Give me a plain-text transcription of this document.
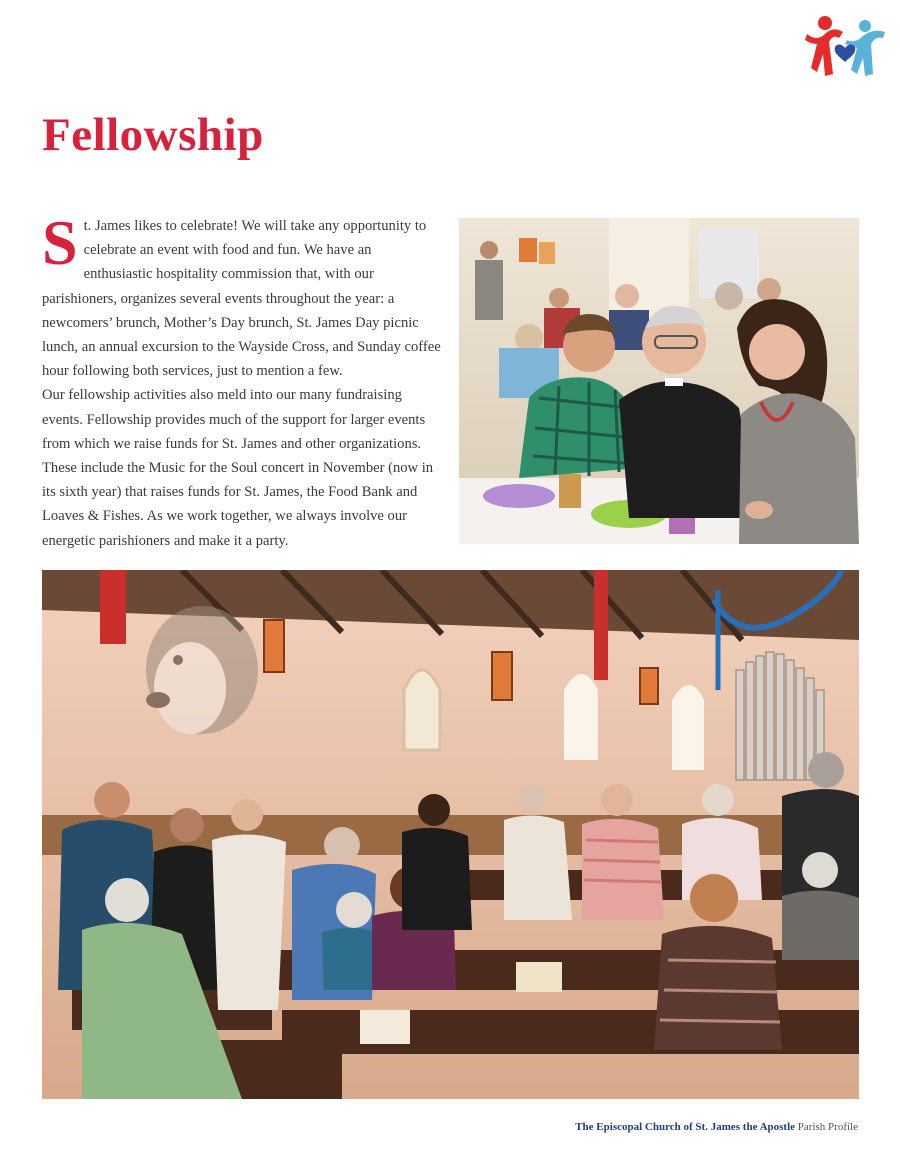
Fellowship

St. James likes to celebrate! We will take any opportunity to celebrate an event with food and fun. We have an enthusiastic hospitality commission that, with our parishioners, organizes several events throughout the year: a newcomers’ brunch, Mother’s Day brunch, St. James Day picnic lunch, an annual excursion to the Wayside Cross, and Sunday coffee hour following both services, just to mention a few.

Our fellowship activities also meld into our many fundraising events. Fellowship provides much of the support for larger events from which we raise funds for St. James and other organizations. These include the Music for the Soul concert in November (now in its sixth year) that raises funds for St. James, the Food Bank and Loaves & Fishes. As we work together, we always involve our energetic parishioners and make it a party.

The Episcopal Church of St. James the Apostle Parish Profile
